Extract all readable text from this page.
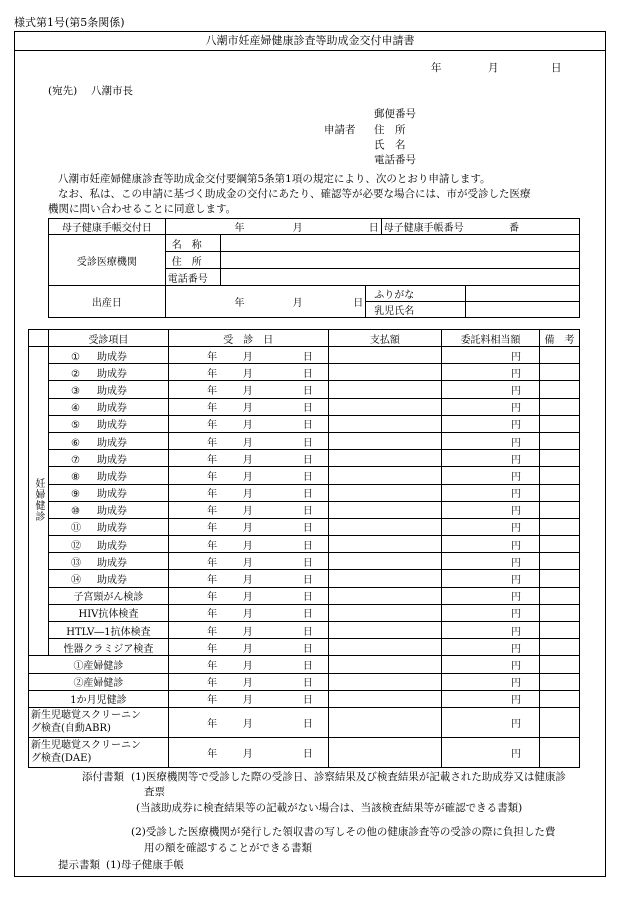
様式第1号(第5条関係)
八潮市妊産婦健康診査等助成金交付申請書
年	月	日
(宛先) 八潮市長
申請者
郵便番号
住　所
氏　名
電話番号
八潮市妊産婦健康診査等助成金交付要綱第5条第1項の規定により、次のとおり申請します。
なお、私は、この申請に基づく助成金の交付にあたり、確認等が必要な場合には、市が受診した医療
機関に問い合わせることに同意します。
母子健康手帳交付日	年		月	日		母子健康手帳番号	番
受診医療機関	名　称						
	住　所						
	電話番号						
出産日	年		月	日	ふりがな		
					乳児氏名		
	受診項目	受　診　日			支払額	委託料相当額	備　考
妊婦健診	① 助成券	年	月	日		円	
	② 助成券	年	月	日		円	
	③ 助成券	年	月	日		円	
	④ 助成券	年	月	日		円	
	⑤ 助成券	年	月	日		円	
	⑥ 助成券	年	月	日		円	
	⑦ 助成券	年	月	日		円	
	⑧ 助成券	年	月	日		円	
	⑨ 助成券	年	月	日		円	
	⑩ 助成券	年	月	日		円	
	⑪ 助成券	年	月	日		円	
	⑫ 助成券	年	月	日		円	
	⑬ 助成券	年	月	日		円	
	⑭ 助成券	年	月	日		円	
	子宮頸がん検診	年	月	日		円	
	HIV抗体検査	年	月	日		円	
	HTLV―1抗体検査	年	月	日		円	
	性器クラミジア検査	年	月	日		円	
①産婦健診		年	月	日		円	
②産婦健診		年	月	日		円	
1か月児健診		年	月	日		円	

新生児聴覚スクリーニン
グ検査(自動ABR)		年	月	日		円	

新生児聴覚スクリーニン
グ検査(DAE)		年	月	日		円	
添付書類 (1)医療機関等で受診した際の受診日、診察結果及び検査結果が記載された助成券又は健康診
査票
(当該助成券に検査結果等の記載がない場合は、当該検査結果等が確認できる書類)
(2)受診した医療機関が発行した領収書の写しその他の健康診査等の受診の際に負担した費
用の額を確認することができる書類
提示書類 (1)母子健康手帳
